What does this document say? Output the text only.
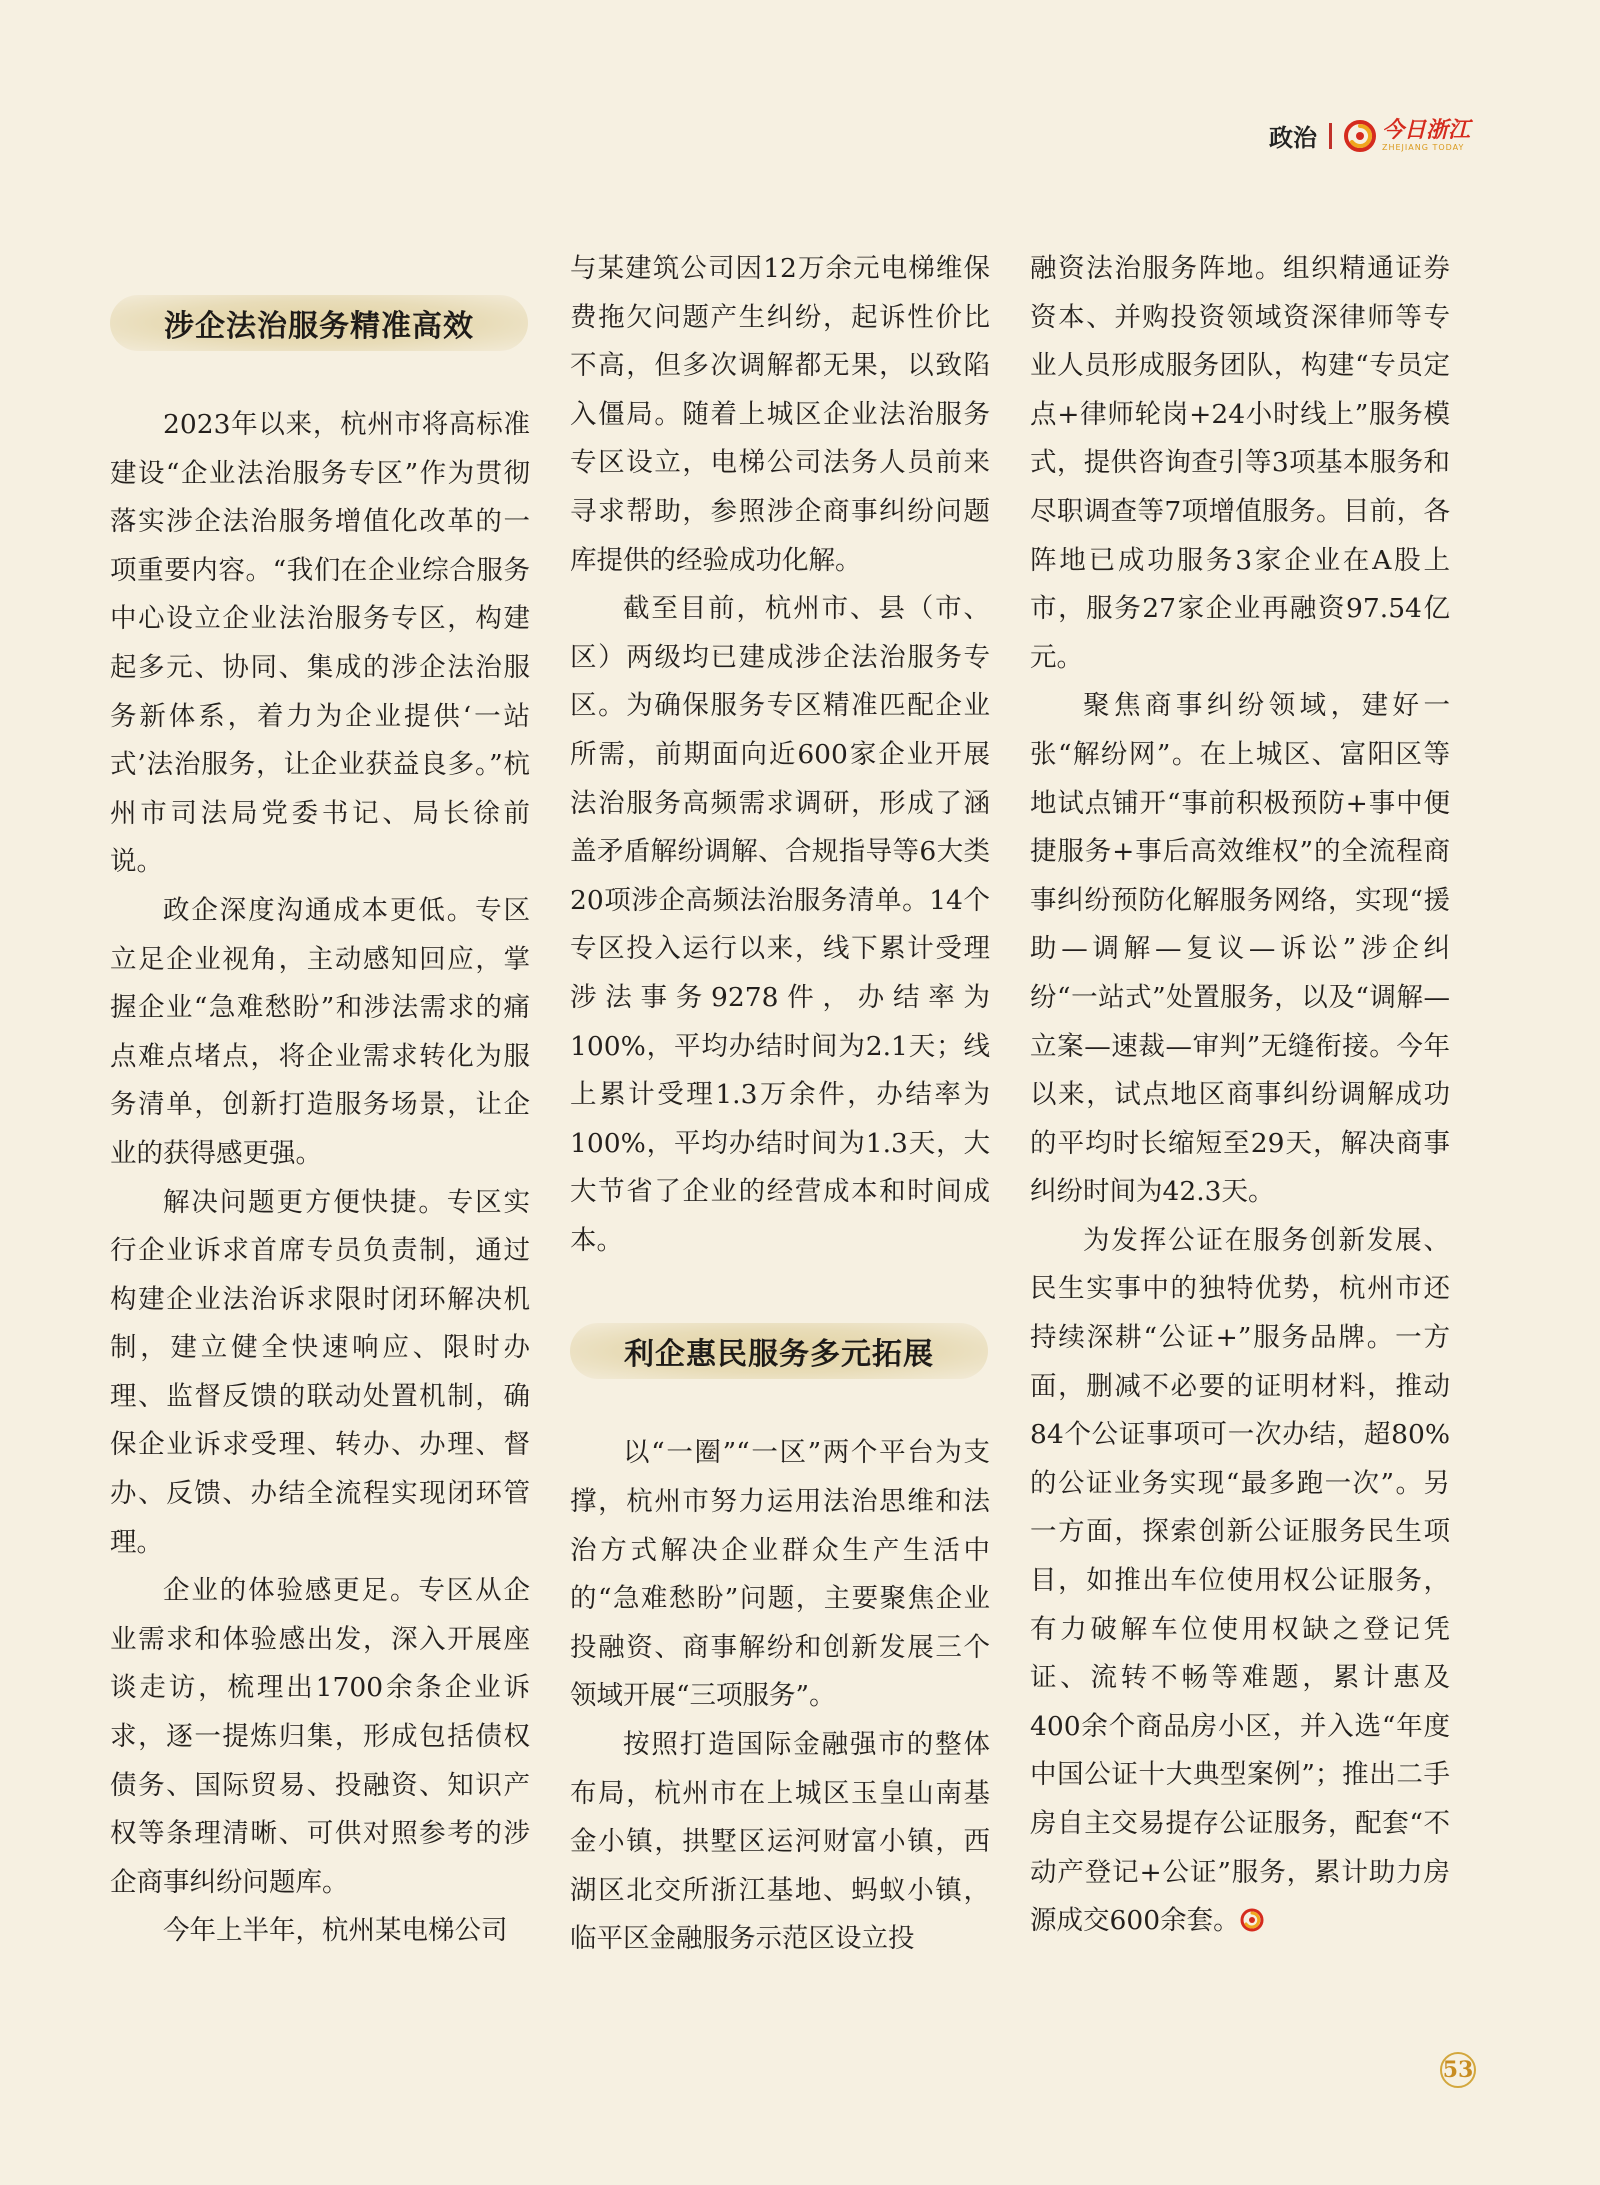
政治	今日浙江
ZHEJIANG TODAY
涉企法治服务精准高效

2023年以来，杭州市将高标准建设“企业法治服务专区”作为贯彻落实涉企法治服务增值化改革的一项重要内容。“我们在企业综合服务中心设立企业法治服务专区，构建起多元、协同、集成的涉企法治服务新体系，着力为企业提供‘一站式’法治服务，让企业获益良多。”杭州市司法局党委书记、局长徐前说。

政企深度沟通成本更低。专区立足企业视角，主动感知回应，掌握企业“急难愁盼”和涉法需求的痛点难点堵点，将企业需求转化为服务清单，创新打造服务场景，让企业的获得感更强。

解决问题更方便快捷。专区实行企业诉求首席专员负责制，通过构建企业法治诉求限时闭环解决机制，建立健全快速响应、限时办理、监督反馈的联动处置机制，确保企业诉求受理、转办、办理、督办、反馈、办结全流程实现闭环管理。

企业的体验感更足。专区从企业需求和体验感出发，深入开展座谈走访，梳理出1700余条企业诉求，逐一提炼归集，形成包括债权债务、国际贸易、投融资、知识产权等条理清晰、可供对照参考的涉企商事纠纷问题库。

今年上半年，杭州某电梯公司

与某建筑公司因12万余元电梯维保费拖欠问题产生纠纷，起诉性价比不高，但多次调解都无果，以致陷入僵局。随着上城区企业法治服务专区设立，电梯公司法务人员前来寻求帮助，参照涉企商事纠纷问题库提供的经验成功化解。

截至目前，杭州市、县（市、区）两级均已建成涉企法治服务专区。为确保服务专区精准匹配企业所需，前期面向近600家企业开展法治服务高频需求调研，形成了涵盖矛盾解纷调解、合规指导等6大类20项涉企高频法治服务清单。14个专区投入运行以来，线下累计受理涉法事务9278件，办结率为100%，平均办结时间为2.1天；线上累计受理1.3万余件，办结率为100%，平均办结时间为1.3天，大大节省了企业的经营成本和时间成本。

利企惠民服务多元拓展

以“一圈”“一区”两个平台为支撑，杭州市努力运用法治思维和法治方式解决企业群众生产生活中的“急难愁盼”问题，主要聚焦企业投融资、商事解纷和创新发展三个领域开展“三项服务”。

按照打造国际金融强市的整体布局，杭州市在上城区玉皇山南基金小镇，拱墅区运河财富小镇，西湖区北交所浙江基地、蚂蚁小镇，临平区金融服务示范区设立投

融资法治服务阵地。组织精通证券资本、并购投资领域资深律师等专业人员形成服务团队，构建“专员定点+律师轮岗+24小时线上”服务模式，提供咨询查引等3项基本服务和尽职调查等7项增值服务。目前，各阵地已成功服务3家企业在A股上市，服务27家企业再融资97.54亿元。

聚焦商事纠纷领域，建好一张“解纷网”。在上城区、富阳区等地试点铺开“事前积极预防+事中便捷服务+事后高效维权”的全流程商事纠纷预防化解服务网络，实现“援助—调解—复议—诉讼”涉企纠纷“一站式”处置服务，以及“调解—立案—速裁—审判”无缝衔接。今年以来，试点地区商事纠纷调解成功的平均时长缩短至29天，解决商事纠纷时间为42.3天。

为发挥公证在服务创新发展、民生实事中的独特优势，杭州市还持续深耕“公证+”服务品牌。一方面，删减不必要的证明材料，推动84个公证事项可一次办结，超80%的公证业务实现“最多跑一次”。另一方面，探索创新公证服务民生项目，如推出车位使用权公证服务，有力破解车位使用权缺之登记凭证、流转不畅等难题，累计惠及400余个商品房小区，并入选“年度中国公证十大典型案例”；推出二手房自主交易提存公证服务，配套“不动产登记+公证”服务，累计助力房源成交600余套。

53
